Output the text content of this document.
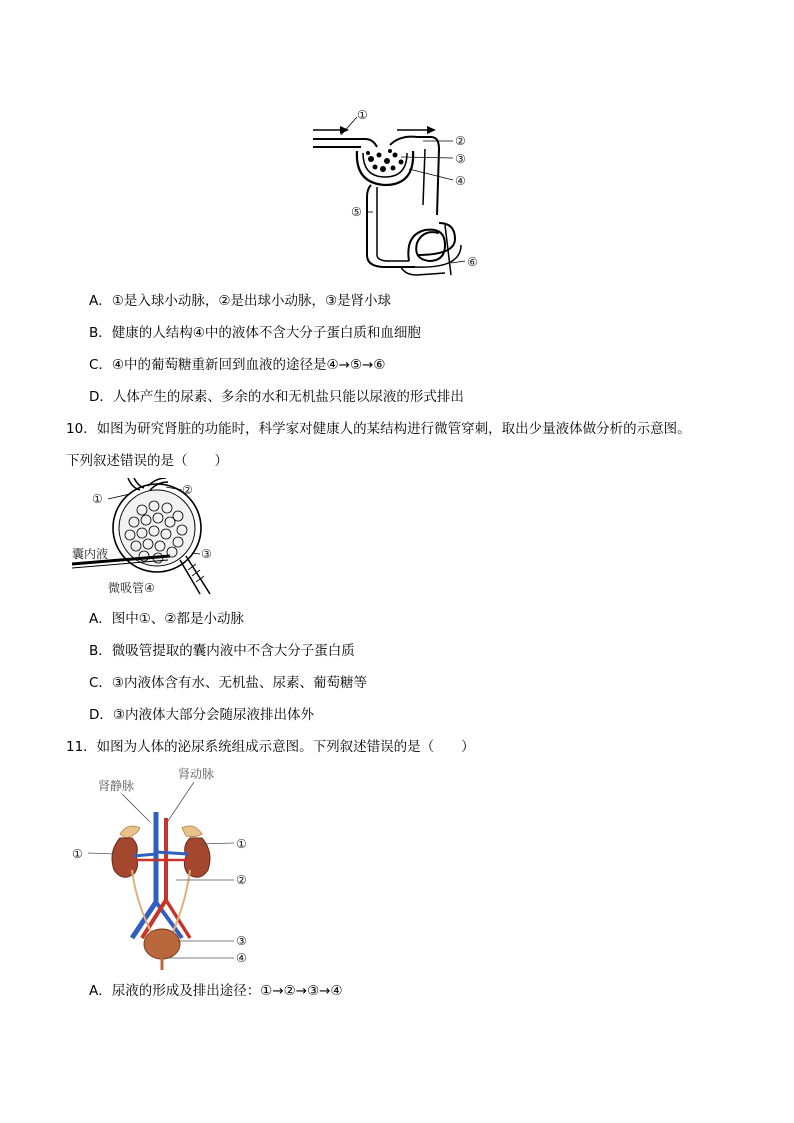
①
②
③
④
⑤
⑥
A．①是入球小动脉，②是出球小动脉，③是肾小球
B．健康的人结构④中的液体不含大分子蛋白质和血细胞
C．④中的葡萄糖重新回到血液的途径是④→⑤→⑥
D．人体产生的尿素、多余的水和无机盐只能以尿液的形式排出
10．如图为研究肾脏的功能时，科学家对健康人的某结构进行微管穿刺，取出少量液体做分析的示意图。
下列叙述错误的是（　　）
①
②
③
囊内液
微吸管④
A．图中①、②都是小动脉
B．微吸管提取的囊内液中不含大分子蛋白质
C．③内液体含有水、无机盐、尿素、葡萄糖等
D．③内液体大部分会随尿液排出体外
11．如图为人体的泌尿系统组成示意图。下列叙述错误的是（　　）
肾静脉
肾动脉
①
①
②
③
④
A．尿液的形成及排出途径：①→②→③→④
